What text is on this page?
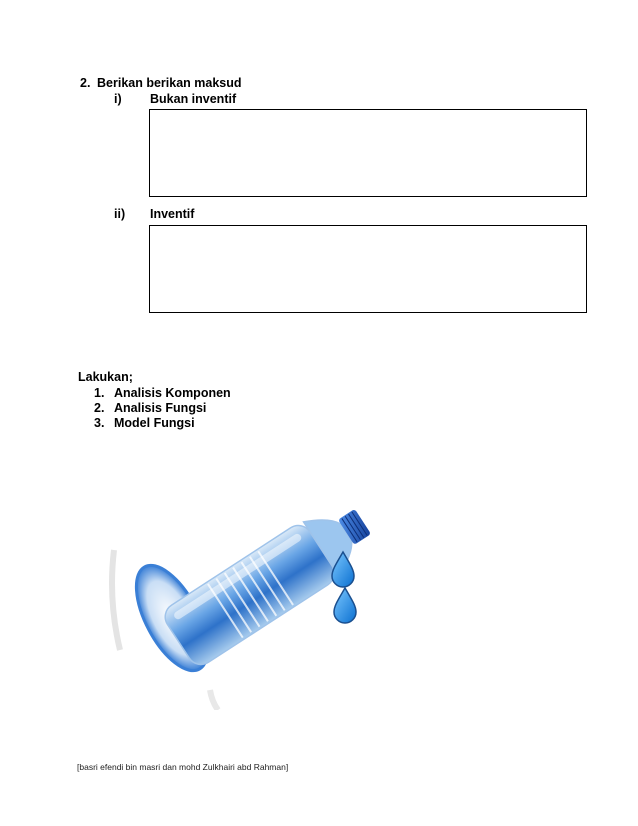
2. Berikan berikan maksud
i) Bukan inventif
ii) Inventif
Lakukan;
1. Analisis Komponen
2. Analisis Fungsi
3. Model Fungsi
[basri efendi bin masri dan mohd Zulkhairi abd Rahman]
